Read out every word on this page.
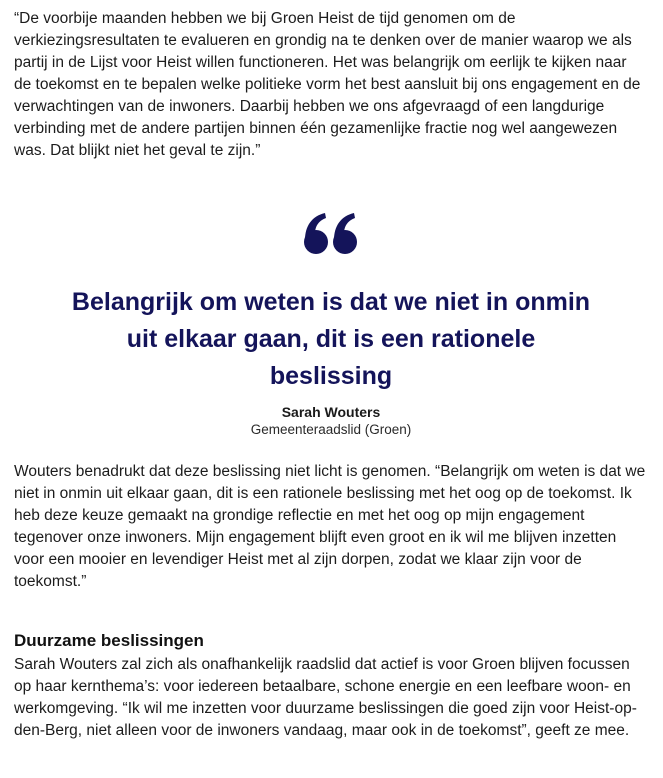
“De voorbije maanden hebben we bij Groen Heist de tijd genomen om de verkiezingsresultaten te evalueren en grondig na te denken over de manier waarop we als partij in de Lijst voor Heist willen functioneren. Het was belangrijk om eerlijk te kijken naar de toekomst en te bepalen welke politieke vorm het best aansluit bij ons engagement en de verwachtingen van de inwoners. Daarbij hebben we ons afgevraagd of een langdurige verbinding met de andere partijen binnen één gezamenlijke fractie nog wel aangewezen was. Dat blijkt niet het geval te zijn.”

Belangrijk om weten is dat we niet in onmin uit elkaar gaan, dit is een rationele beslissing
Sarah Wouters
Gemeenteraadslid (Groen)

Wouters benadrukt dat deze beslissing niet licht is genomen. “Belangrijk om weten is dat we niet in onmin uit elkaar gaan, dit is een rationele beslissing met het oog op de toekomst. Ik heb deze keuze gemaakt na grondige reflectie en met het oog op mijn engagement tegenover onze inwoners. Mijn engagement blijft even groot en ik wil me blijven inzetten voor een mooier en levendiger Heist met al zijn dorpen, zodat we klaar zijn voor de toekomst.”

Duurzame beslissingen

Sarah Wouters zal zich als onafhankelijk raadslid dat actief is voor Groen blijven focussen op haar kernthema’s: voor iedereen betaalbare, schone energie en een leefbare woon- en werkomgeving. “Ik wil me inzetten voor duurzame beslissingen die goed zijn voor Heist-op-den-Berg, niet alleen voor de inwoners vandaag, maar ook in de toekomst”, geeft ze mee.
